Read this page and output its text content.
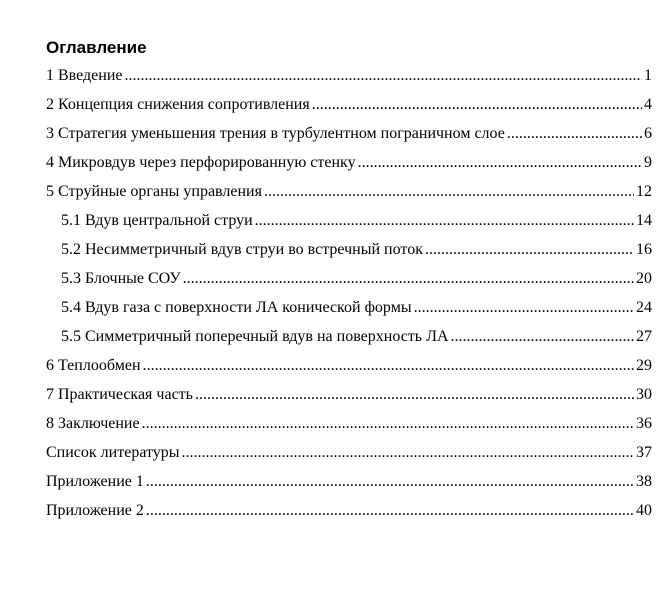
Оглавление
1 Введение .....	1
2 Концепция снижения сопротивления .....	4
3 Стратегия уменьшения трения в турбулентном пограничном слое .....	6
4 Микровдув через перфорированную стенку .....	9
5 Струйные органы управления .....	12
5.1 Вдув центральной струи .....	14
5.2 Несимметричный вдув струи во встречный поток .....	16
5.3 Блочные СОУ .....	20
5.4 Вдув газа с поверхности ЛА конической формы .....	24
5.5 Симметричный поперечный вдув на поверхность ЛА .....	27
6 Теплообмен .....	29
7 Практическая часть .....	30
8 Заключение .....	36
Список литературы .....	37
Приложение 1 .....	38
Приложение 2 .....	40
